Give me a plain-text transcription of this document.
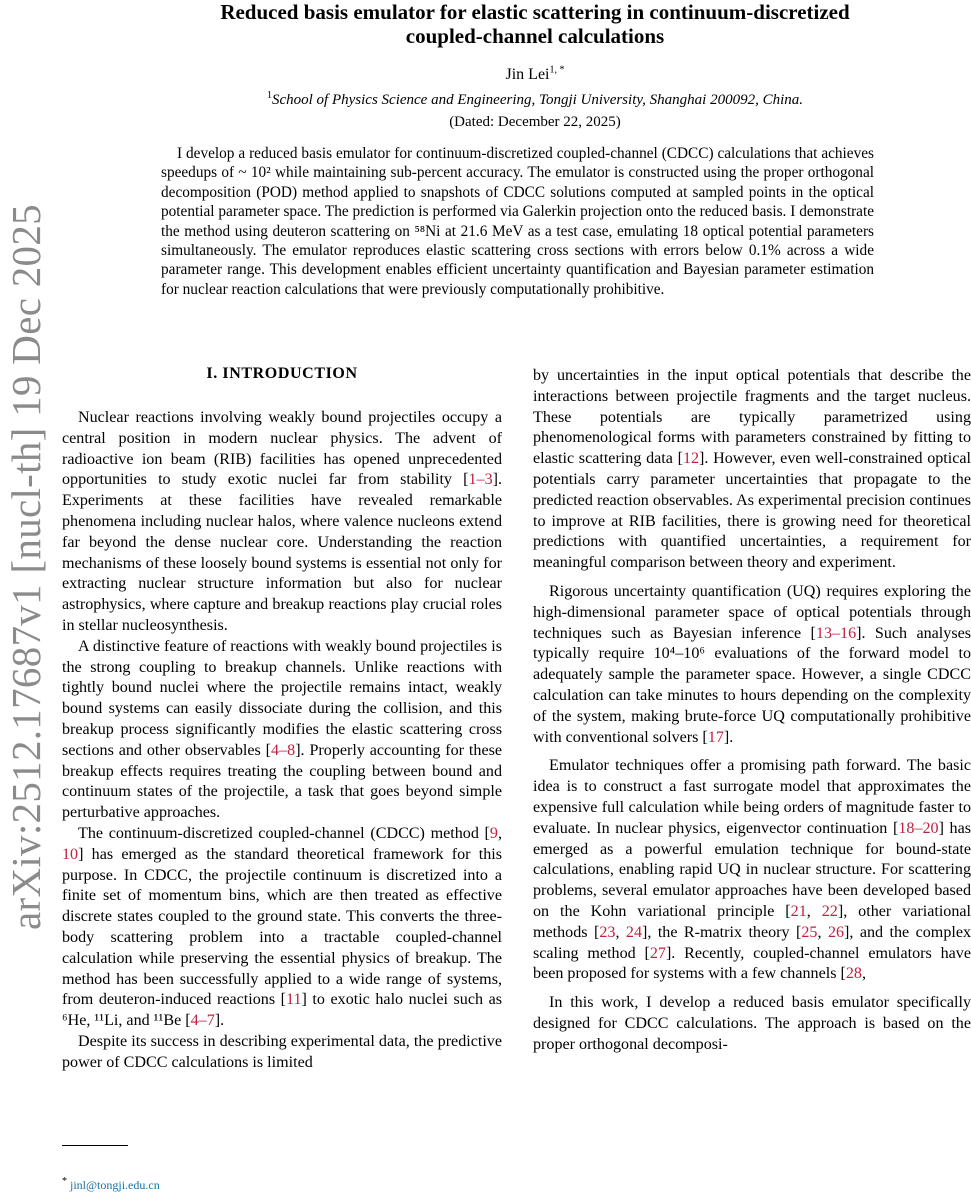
arXiv:2512.17687v1 [nucl-th] 19 Dec 2025
Reduced basis emulator for elastic scattering in continuum-discretized
coupled-channel calculations
Jin Lei$^{1, *}$
$^1$School of Physics Science and Engineering, Tongji University, Shanghai 200092, China.
(Dated: December 22, 2025)
I develop a reduced basis emulator for continuum-discretized coupled-channel (CDCC) calculations that achieves speedups of ~ 10² while maintaining sub-percent accuracy. The emulator is constructed using the proper orthogonal decomposition (POD) method applied to snapshots of CDCC solutions computed at sampled points in the optical potential parameter space. The prediction is performed via Galerkin projection onto the reduced basis. I demonstrate the method using deuteron scattering on ⁵⁸Ni at 21.6 MeV as a test case, emulating 18 optical potential parameters simultaneously. The emulator reproduces elastic scattering cross sections with errors below 0.1% across a wide parameter range. This development enables efficient uncertainty quantification and Bayesian parameter estimation for nuclear reaction calculations that were previously computationally prohibitive.

I. INTRODUCTION

Nuclear reactions involving weakly bound projectiles occupy a central position in modern nuclear physics. The advent of radioactive ion beam (RIB) facilities has opened unprecedented opportunities to study exotic nuclei far from stability [1–3]. Experiments at these facilities have revealed remarkable phenomena including nuclear halos, where valence nucleons extend far beyond the dense nuclear core. Understanding the reaction mechanisms of these loosely bound systems is essential not only for extracting nuclear structure information but also for nuclear astrophysics, where capture and breakup reactions play crucial roles in stellar nucleosynthesis.

A distinctive feature of reactions with weakly bound projectiles is the strong coupling to breakup channels. Unlike reactions with tightly bound nuclei where the projectile remains intact, weakly bound systems can easily dissociate during the collision, and this breakup process significantly modifies the elastic scattering cross sections and other observables [4–8]. Properly accounting for these breakup effects requires treating the coupling between bound and continuum states of the projectile, a task that goes beyond simple perturbative approaches.

The continuum-discretized coupled-channel (CDCC) method [9, 10] has emerged as the standard theoretical framework for this purpose. In CDCC, the projectile continuum is discretized into a finite set of momentum bins, which are then treated as effective discrete states coupled to the ground state. This converts the three-body scattering problem into a tractable coupled-channel calculation while preserving the essential physics of breakup. The method has been successfully applied to a wide range of systems, from deuteron-induced reactions [11] to exotic halo nuclei such as ⁶He, ¹¹Li, and ¹¹Be [4–7].

Despite its success in describing experimental data, the predictive power of CDCC calculations is limited

by uncertainties in the input optical potentials that describe the interactions between projectile fragments and the target nucleus. These potentials are typically parametrized using phenomenological forms with parameters constrained by fitting to elastic scattering data [12]. However, even well-constrained optical potentials carry parameter uncertainties that propagate to the predicted reaction observables. As experimental precision continues to improve at RIB facilities, there is growing need for theoretical predictions with quantified uncertainties, a requirement for meaningful comparison between theory and experiment.

Rigorous uncertainty quantification (UQ) requires exploring the high-dimensional parameter space of optical potentials through techniques such as Bayesian inference [13–16]. Such analyses typically require 10⁴–10⁶ evaluations of the forward model to adequately sample the parameter space. However, a single CDCC calculation can take minutes to hours depending on the complexity of the system, making brute-force UQ computationally prohibitive with conventional solvers [17].

Emulator techniques offer a promising path forward. The basic idea is to construct a fast surrogate model that approximates the expensive full calculation while being orders of magnitude faster to evaluate. In nuclear physics, eigenvector continuation [18–20] has emerged as a powerful emulation technique for bound-state calculations, enabling rapid UQ in nuclear structure. For scattering problems, several emulator approaches have been developed based on the Kohn variational principle [21, 22], other variational methods [23, 24], the R-matrix theory [25, 26], and the complex scaling method [27]. Recently, coupled-channel emulators have been proposed for systems with a few channels [28,

In this work, I develop a reduced basis emulator specifically designed for CDCC calculations. The approach is based on the proper orthogonal decomposi-

* jinl@tongji.edu.cn
